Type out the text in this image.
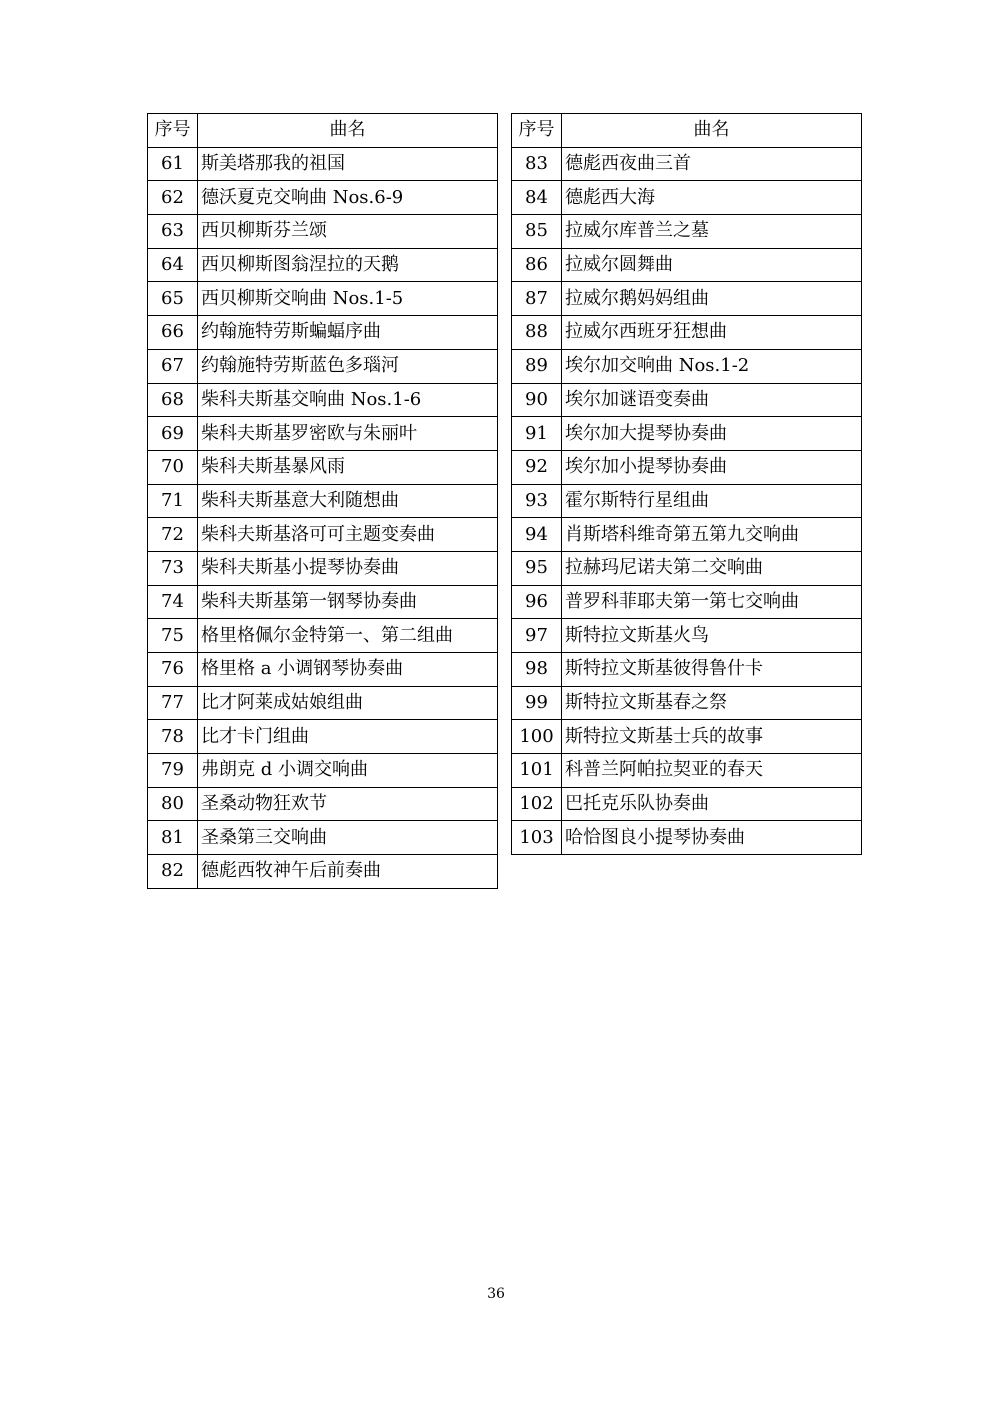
序号	曲名
61	斯美塔那我的祖国
62	德沃夏克交响曲 Nos.6-9
63	西贝柳斯芬兰颂
64	西贝柳斯图翁涅拉的天鹅
65	西贝柳斯交响曲 Nos.1-5
66	约翰施特劳斯蝙蝠序曲
67	约翰施特劳斯蓝色多瑙河
68	柴科夫斯基交响曲 Nos.1-6
69	柴科夫斯基罗密欧与朱丽叶
70	柴科夫斯基暴风雨
71	柴科夫斯基意大利随想曲
72	柴科夫斯基洛可可主题变奏曲
73	柴科夫斯基小提琴协奏曲
74	柴科夫斯基第一钢琴协奏曲
75	格里格佩尔金特第一、第二组曲
76	格里格 a 小调钢琴协奏曲
77	比才阿莱成姑娘组曲
78	比才卡门组曲
79	弗朗克 d 小调交响曲
80	圣桑动物狂欢节
81	圣桑第三交响曲
82	德彪西牧神午后前奏曲
序号	曲名
83	德彪西夜曲三首
84	德彪西大海
85	拉威尔库普兰之墓
86	拉威尔圆舞曲
87	拉威尔鹅妈妈组曲
88	拉威尔西班牙狂想曲
89	埃尔加交响曲 Nos.1-2
90	埃尔加谜语变奏曲
91	埃尔加大提琴协奏曲
92	埃尔加小提琴协奏曲
93	霍尔斯特行星组曲
94	肖斯塔科维奇第五第九交响曲
95	拉赫玛尼诺夫第二交响曲
96	普罗科菲耶夫第一第七交响曲
97	斯特拉文斯基火鸟
98	斯特拉文斯基彼得鲁什卡
99	斯特拉文斯基春之祭
100	斯特拉文斯基士兵的故事
101	科普兰阿帕拉契亚的春天
102	巴托克乐队协奏曲
103	哈恰图良小提琴协奏曲
36
